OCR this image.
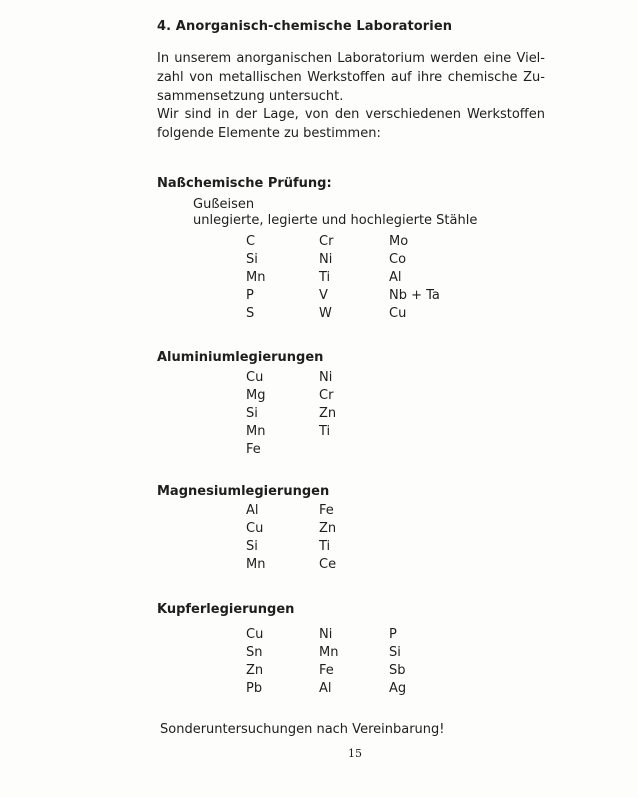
4. Anorganisch-chemische Laboratorien
In unserem anorganischen Laboratorium werden eine Viel-
zahl von metallischen Werkstoffen auf ihre chemische Zu-
sammensetzung untersucht.
Wir sind in der Lage, von den verschiedenen Werkstoffen
folgende Elemente zu bestimmen:
Naßchemische Prüfung:
Gußeisen
unlegierte, legierte und hochlegierte Stähle
C	Cr	Mo
Si	Ni	Co
Mn	Ti	Al
P	V	Nb + Ta
S	W	Cu
Aluminiumlegierungen
Cu	Ni
Mg	Cr
Si	Zn
Mn	Ti
Fe
Magnesiumlegierungen
Al	Fe
Cu	Zn
Si	Ti
Mn	Ce
Kupferlegierungen
Cu	Ni	P
Sn	Mn	Si
Zn	Fe	Sb
Pb	Al	Ag
Sonderuntersuchungen nach Vereinbarung!
15
